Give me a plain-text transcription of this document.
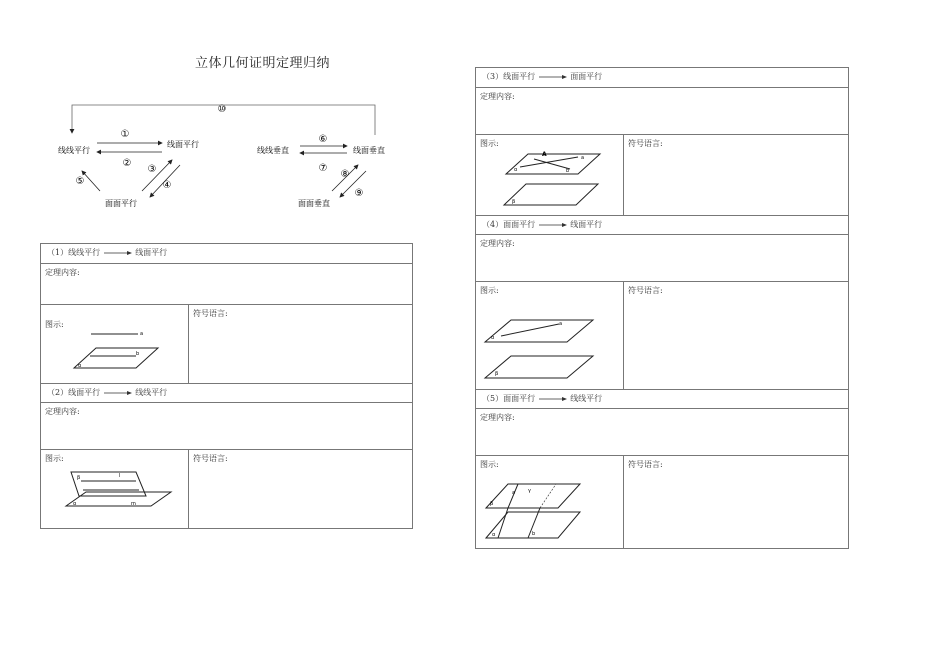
立体几何证明定理归纳
⑩
线线平行
线面平行
面面平行
①
②
③
④
⑤
线线垂直	线面垂直
面面垂直
⑥
⑦
⑧
⑨
（1）线线平行	线面平行
定理内容:
图示:
a
b
α
符号语言:
（2）线面平行	线线平行
定理内容:
图示:
β	l
α	m
符号语言:
（3）线面平行	面面平行
定理内容:
图示:
A	a
b
α
β
符号语言:
（4）面面平行	线面平行
定理内容:
图示:
a
α
β
符号语言:
（5）面面平行	线线平行
定理内容:
图示:
a	γ
β
α	b
符号语言:
